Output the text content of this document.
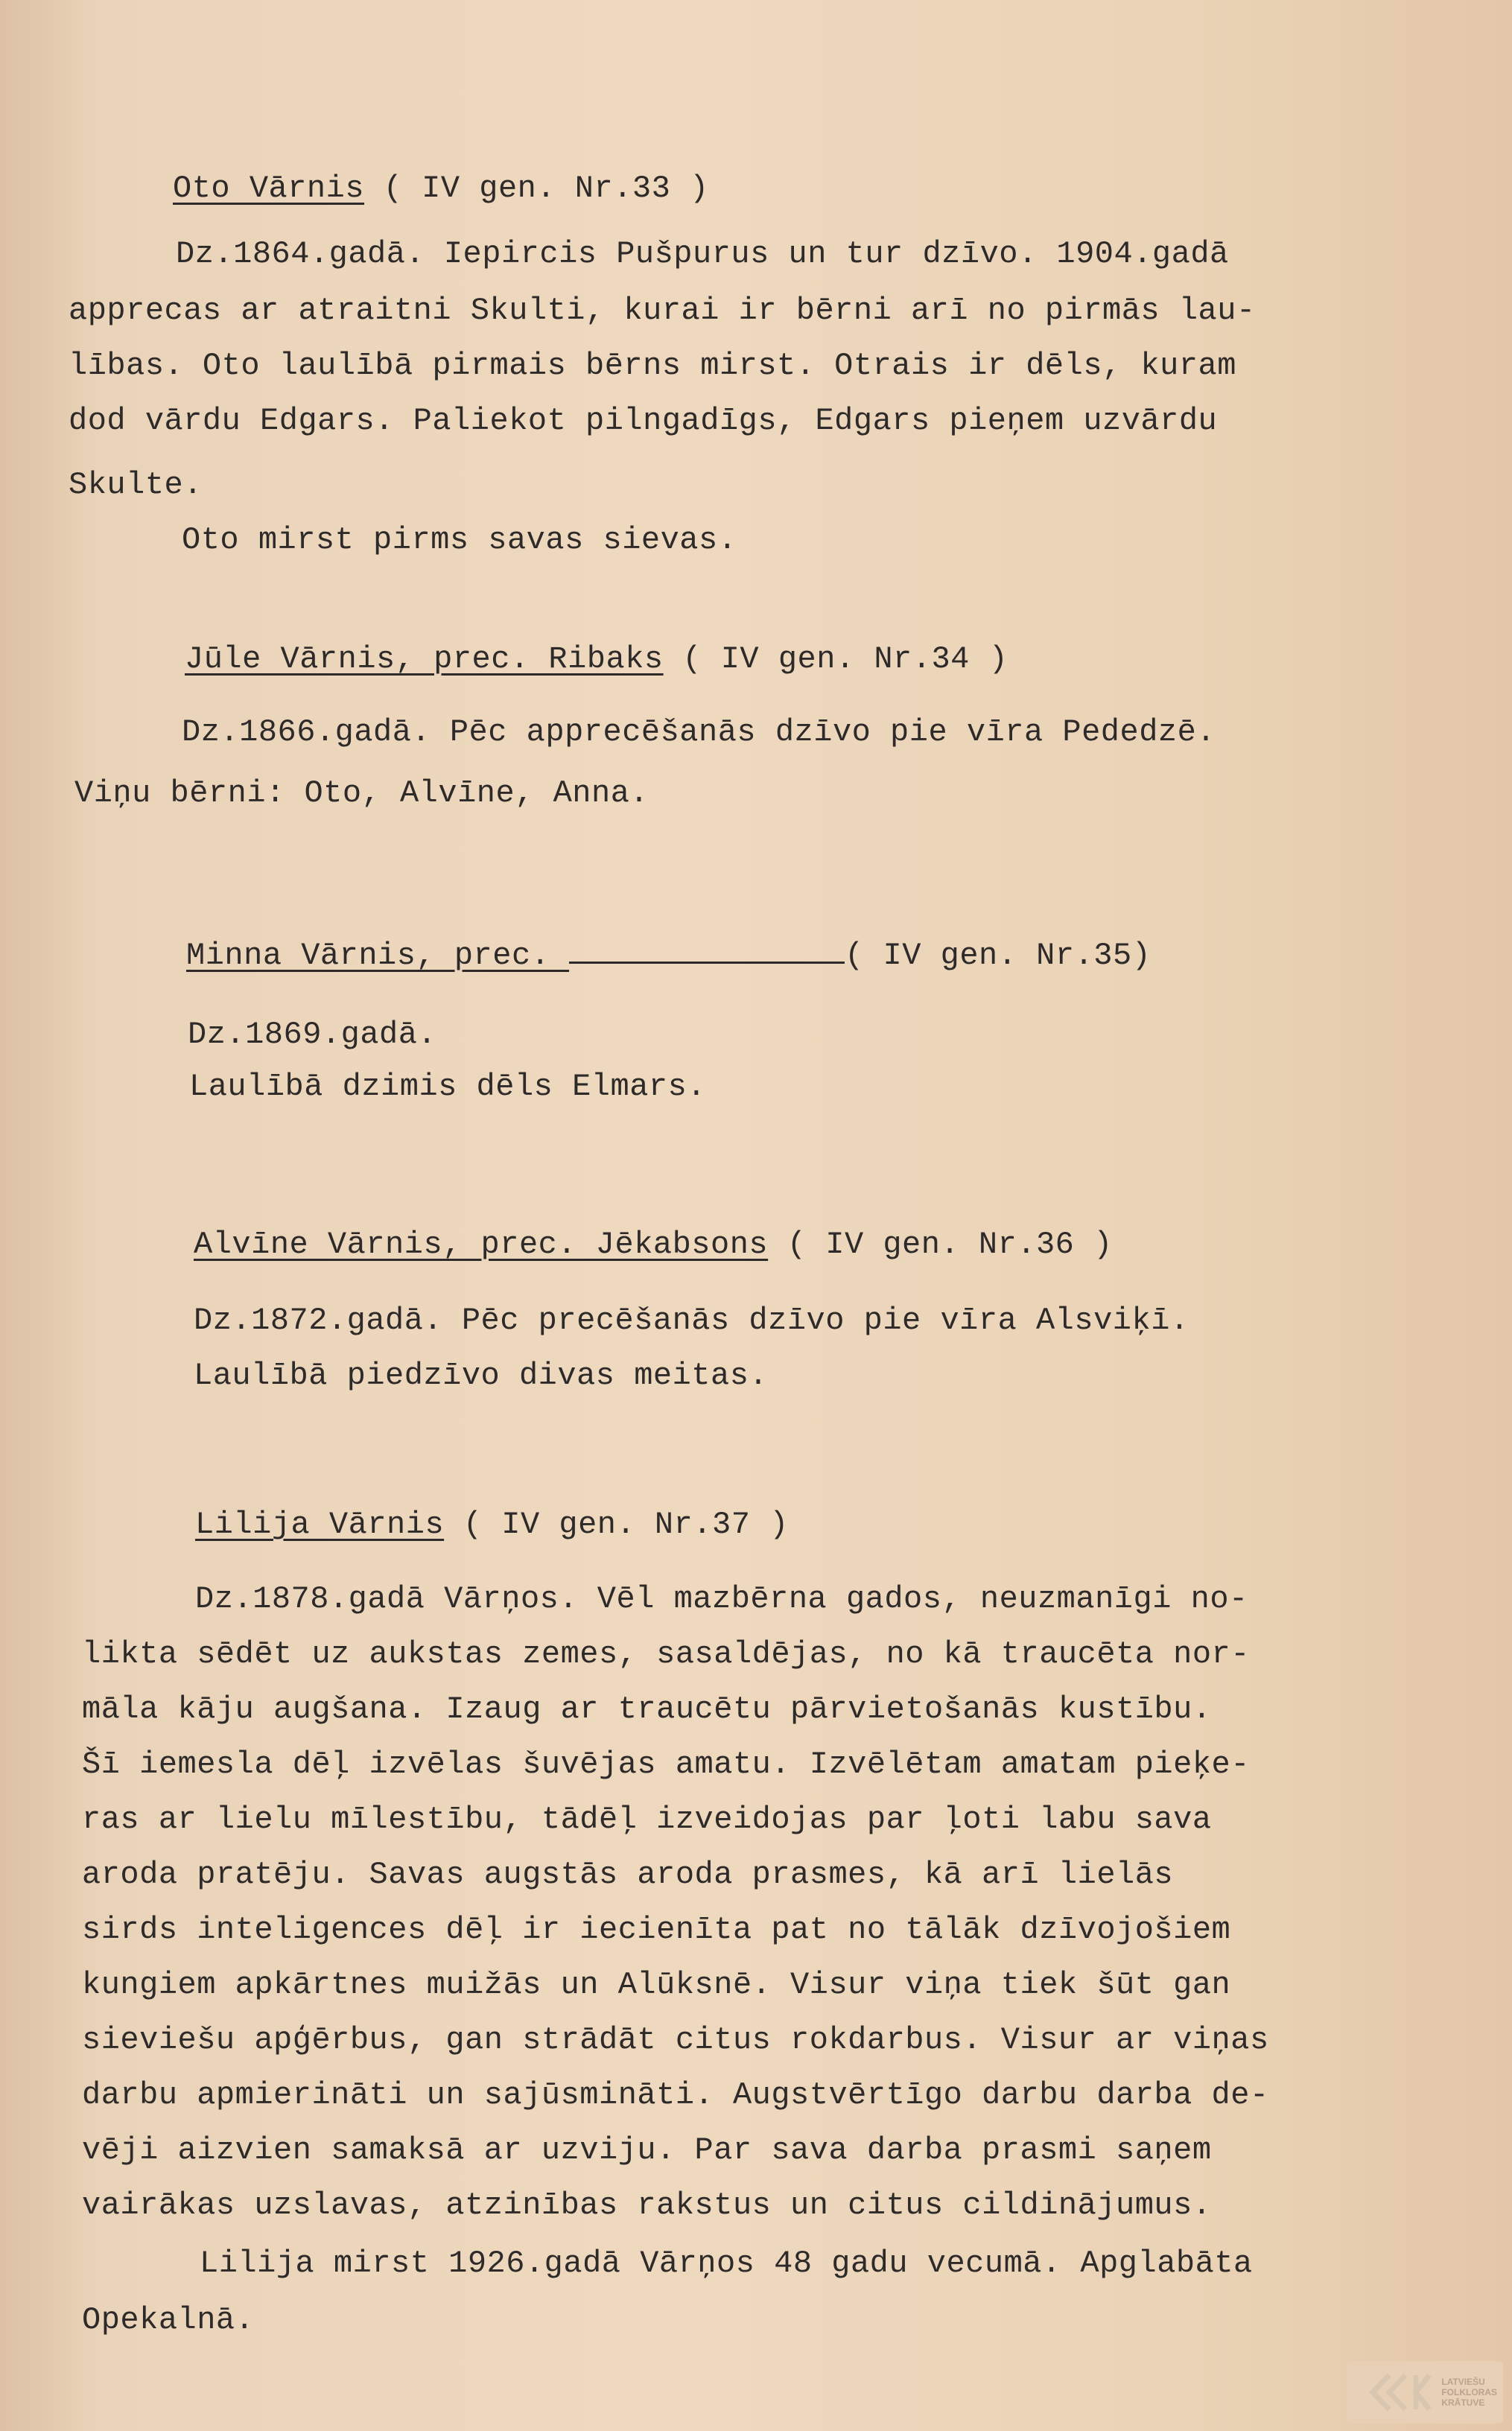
Oto Vārnis ( IV gen. Nr.33 )
Dz.1864.gadā. Iepircis Pušpurus un tur dzīvo. 1904.gadā
apprecas ar atraitni Skulti, kurai ir bērni arī no pirmās lau-
lības. Oto laulībā pirmais bērns mirst. Otrais ir dēls, kuram
dod vārdu Edgars. Paliekot pilngadīgs, Edgars pieņem uzvārdu
Skulte.
Oto mirst pirms savas sievas.
Jūle Vārnis, prec. Ribaks ( IV gen. Nr.34 )
Dz.1866.gadā. Pēc apprecēšanās dzīvo pie vīra Pededzē.
Viņu bērni: Oto, Alvīne, Anna.
Minna Vārnis, prec.	( IV gen. Nr.35)
Dz.1869.gadā.
Laulībā dzimis dēls Elmars.
Alvīne Vārnis, prec. Jēkabsons ( IV gen. Nr.36 )
Dz.1872.gadā. Pēc precēšanās dzīvo pie vīra Alsviķī.
Laulībā piedzīvo divas meitas.
Lilija Vārnis ( IV gen. Nr.37 )
Dz.1878.gadā Vārņos. Vēl mazbērna gados, neuzmanīgi no-
likta sēdēt uz aukstas zemes, sasaldējas, no kā traucēta nor-
māla kāju augšana. Izaug ar traucētu pārvietošanās kustību.
Šī iemesla dēļ izvēlas šuvējas amatu. Izvēlētam amatam pieķe-
ras ar lielu mīlestību, tādēļ izveidojas par ļoti labu sava
aroda pratēju. Savas augstās aroda prasmes, kā arī lielās
sirds inteligences dēļ ir iecienīta pat no tālāk dzīvojošiem
kungiem apkārtnes muižās un Alūksnē. Visur viņa tiek šūt gan
sieviešu apģērbus, gan strādāt citus rokdarbus. Visur ar viņas
darbu apmierināti un sajūsmināti. Augstvērtīgo darbu darba de-
vēji aizvien samaksā ar uzviju. Par sava darba prasmi saņem
vairākas uzslavas, atzinības rakstus un citus cildinājumus.
Lilija mirst 1926.gadā Vārņos 48 gadu vecumā. Apglabāta
Opekalnā.
LATVIEŠU
FOLKLORAS
KRĀTUVE
